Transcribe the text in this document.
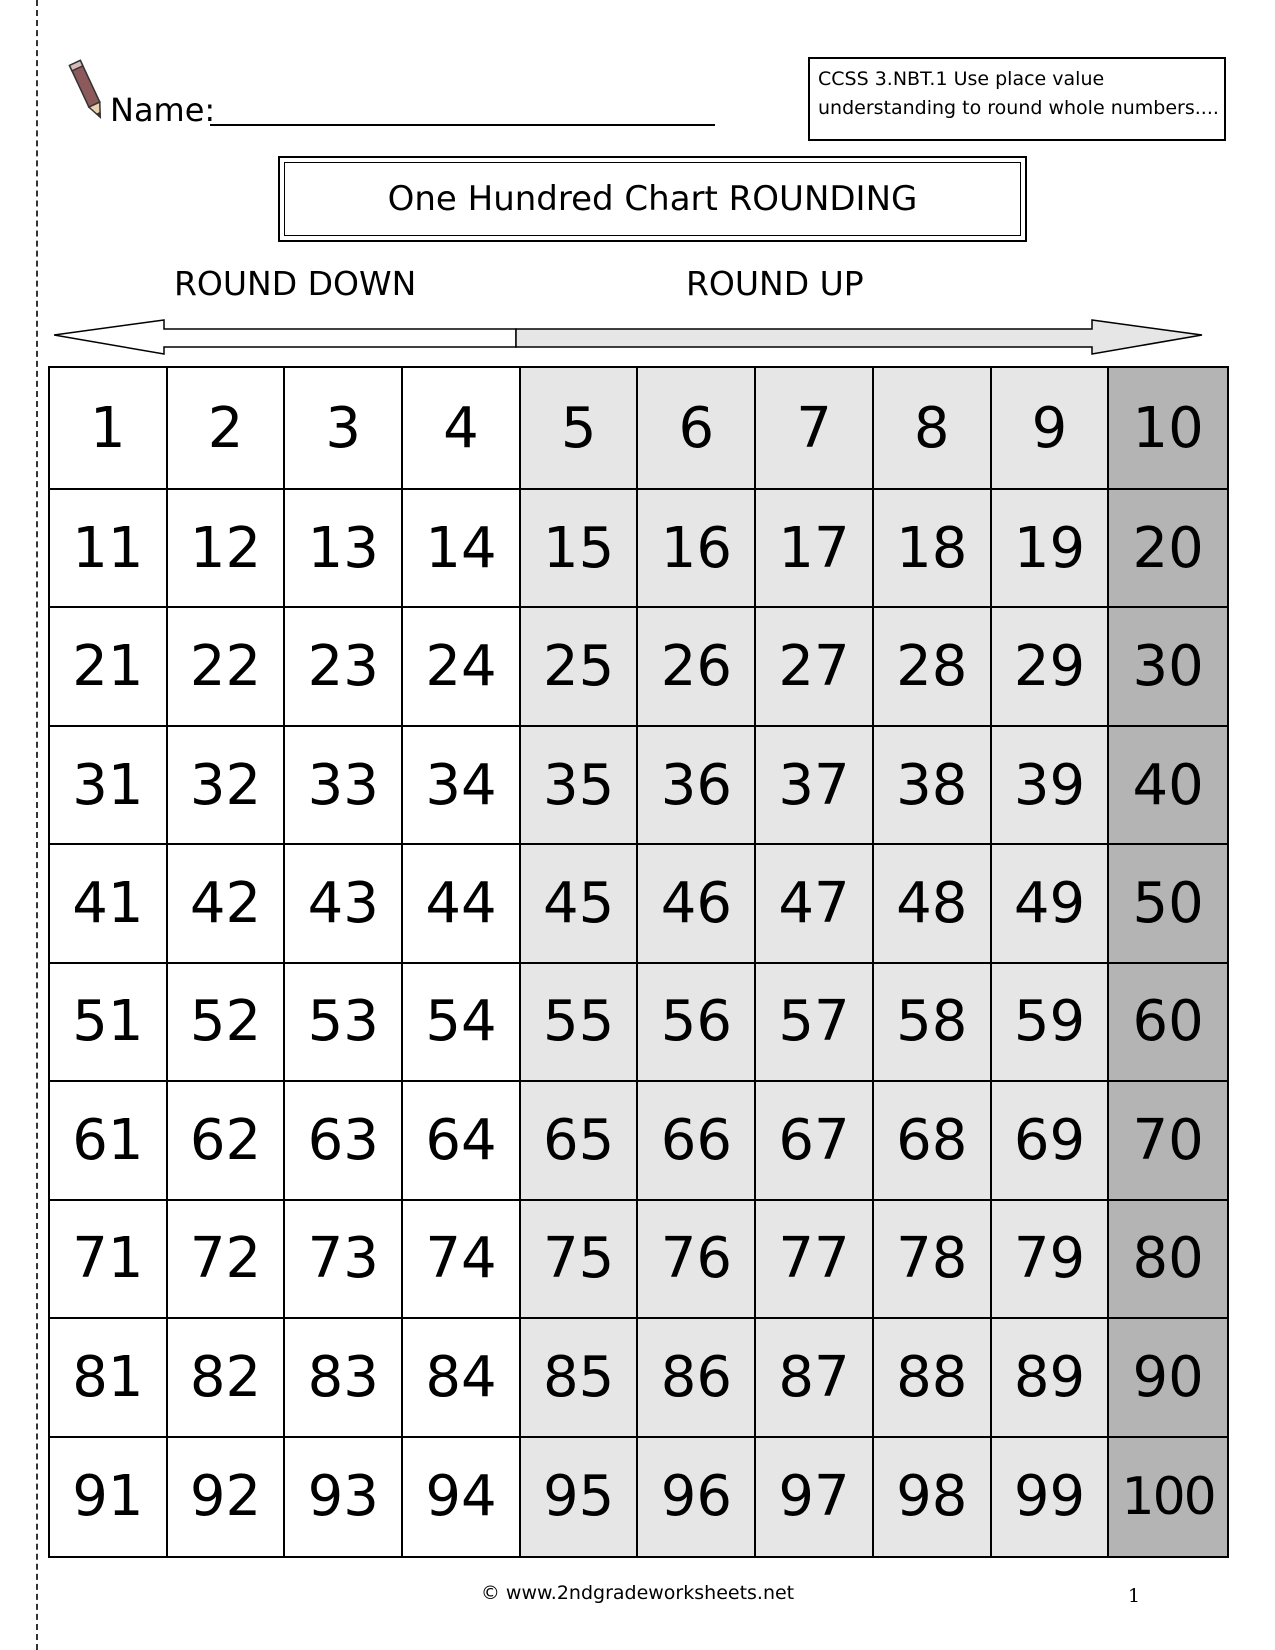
Name:
CCSS 3.NBT.1 Use place value
understanding to round whole numbers....
One Hundred Chart ROUNDING
ROUND DOWN	ROUND UP
1	2	3	4	5	6	7	8	9	10
11 12 13 14 15 16 17 18 19 20
21 22 23 24 25 26 27 28 29 30
31 32 33 34 35 36 37 38 39 40
41 42 43 44 45 46 47 48 49 50
51 52 53 54 55 56 57 58 59 60
61 62 63 64 65 66 67 68 69 70
71 72 73 74 75 76 77 78 79 80
81 82 83 84 85 86 87 88 89 90
91 92 93 94 95 96 97 98 99 100
© www.2ndgradeworksheets.net	1
